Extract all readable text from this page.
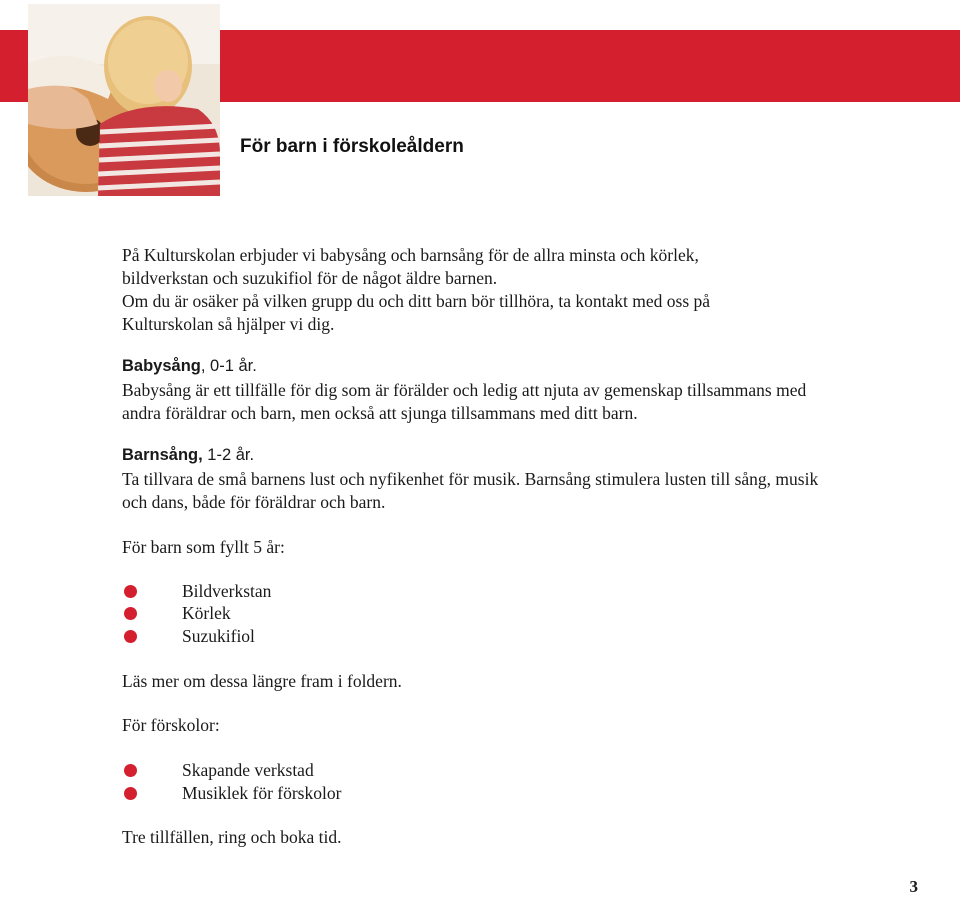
För barn i förskoleåldern
På Kulturskolan erbjuder vi babysång och barnsång för de allra minsta och körlek,
bildverkstan och suzukifiol för de något äldre barnen.
Om du är osäker på vilken grupp du och ditt barn bör tillhöra, ta kontakt med oss på
Kulturskolan så hjälper vi dig.
Babysång, 0-1 år.
Babysång är ett tillfälle för dig som är förälder och ledig att njuta av gemenskap tillsammans med
andra föräldrar och barn, men också att sjunga tillsammans med ditt barn.
Barnsång, 1-2 år.
Ta tillvara de små barnens lust och nyfikenhet för musik. Barnsång stimulera lusten till sång, musik
och dans, både för föräldrar och barn.
För barn som fyllt 5 år:
Bildverkstan
Körlek
Suzukifiol
Läs mer om dessa längre fram i foldern.
För förskolor:
Skapande verkstad
Musiklek för förskolor
Tre tillfällen, ring och boka tid.
3
